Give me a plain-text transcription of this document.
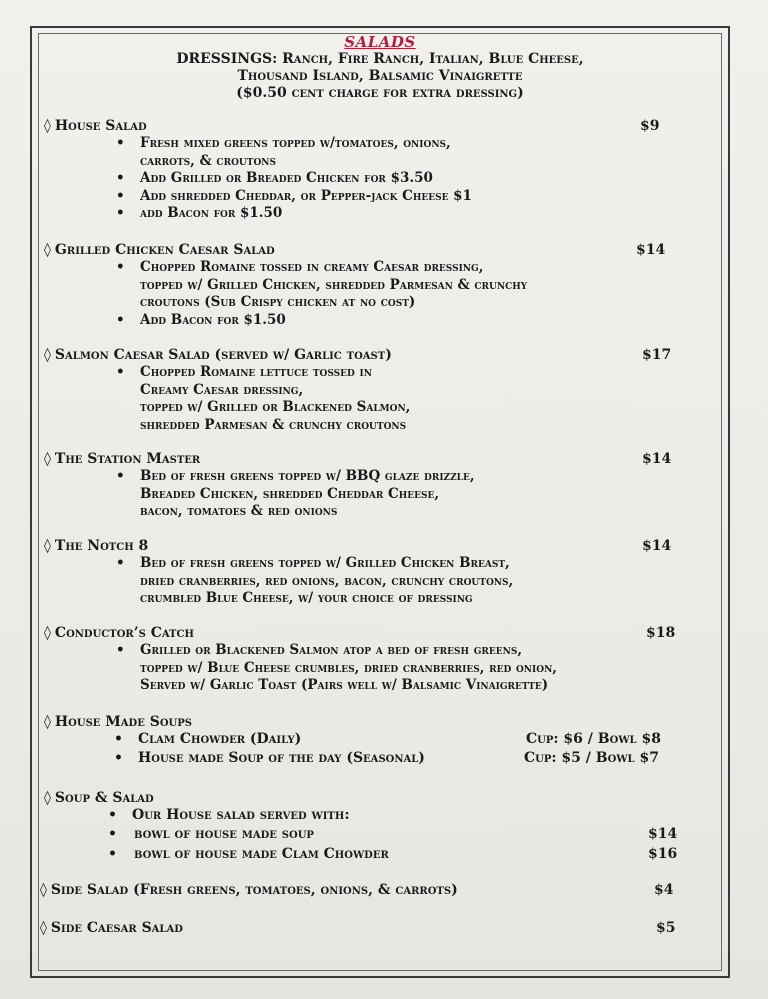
SALADS
DRESSINGS: Ranch, Fire Ranch, Italian, Blue Cheese,
Thousand Island, Balsamic Vinaigrette
($0.50 cent charge for extra dressing)
◊ House Salad	$9
• Fresh mixed greens topped w/tomatoes, onions,
carrots, & croutons
• Add Grilled or Breaded Chicken for $3.50
• Add shredded Cheddar, or Pepper-jack Cheese $1
• add Bacon for $1.50
◊ Grilled Chicken Caesar Salad	$14
• Chopped Romaine tossed in creamy Caesar dressing,
topped w/ Grilled Chicken, shredded Parmesan & crunchy
croutons (Sub Crispy chicken at no cost)
• Add Bacon for $1.50
◊ Salmon Caesar Salad (served w/ Garlic toast)	$17
• Chopped Romaine lettuce tossed in
Creamy Caesar dressing,
topped w/ Grilled or Blackened Salmon,
shredded Parmesan & crunchy croutons
◊ The Station Master	$14
• Bed of fresh greens topped w/ BBQ glaze drizzle,
Breaded Chicken, shredded Cheddar Cheese,
bacon, tomatoes & red onions
◊ The Notch 8	$14
• Bed of fresh greens topped w/ Grilled Chicken Breast,
dried cranberries, red onions, bacon, crunchy croutons,
crumbled Blue Cheese, w/ your choice of dressing
◊ Conductor’s Catch	$18
• Grilled or Blackened Salmon atop a bed of fresh greens,
topped w/ Blue Cheese crumbles, dried cranberries, red onion,
Served w/ Garlic Toast (Pairs well w/ Balsamic Vinaigrette)
◊ House Made Soups
• Clam Chowder (Daily)	Cup: $6 / Bowl $8
• House made Soup of the day (Seasonal)	Cup: $5 / Bowl $7
◊ Soup & Salad
• Our House salad served with:
• bowl of house made soup	$14
• bowl of house made Clam Chowder	$16
◊ Side Salad (Fresh greens, tomatoes, onions, & carrots)	$4
◊ Side Caesar Salad	$5
